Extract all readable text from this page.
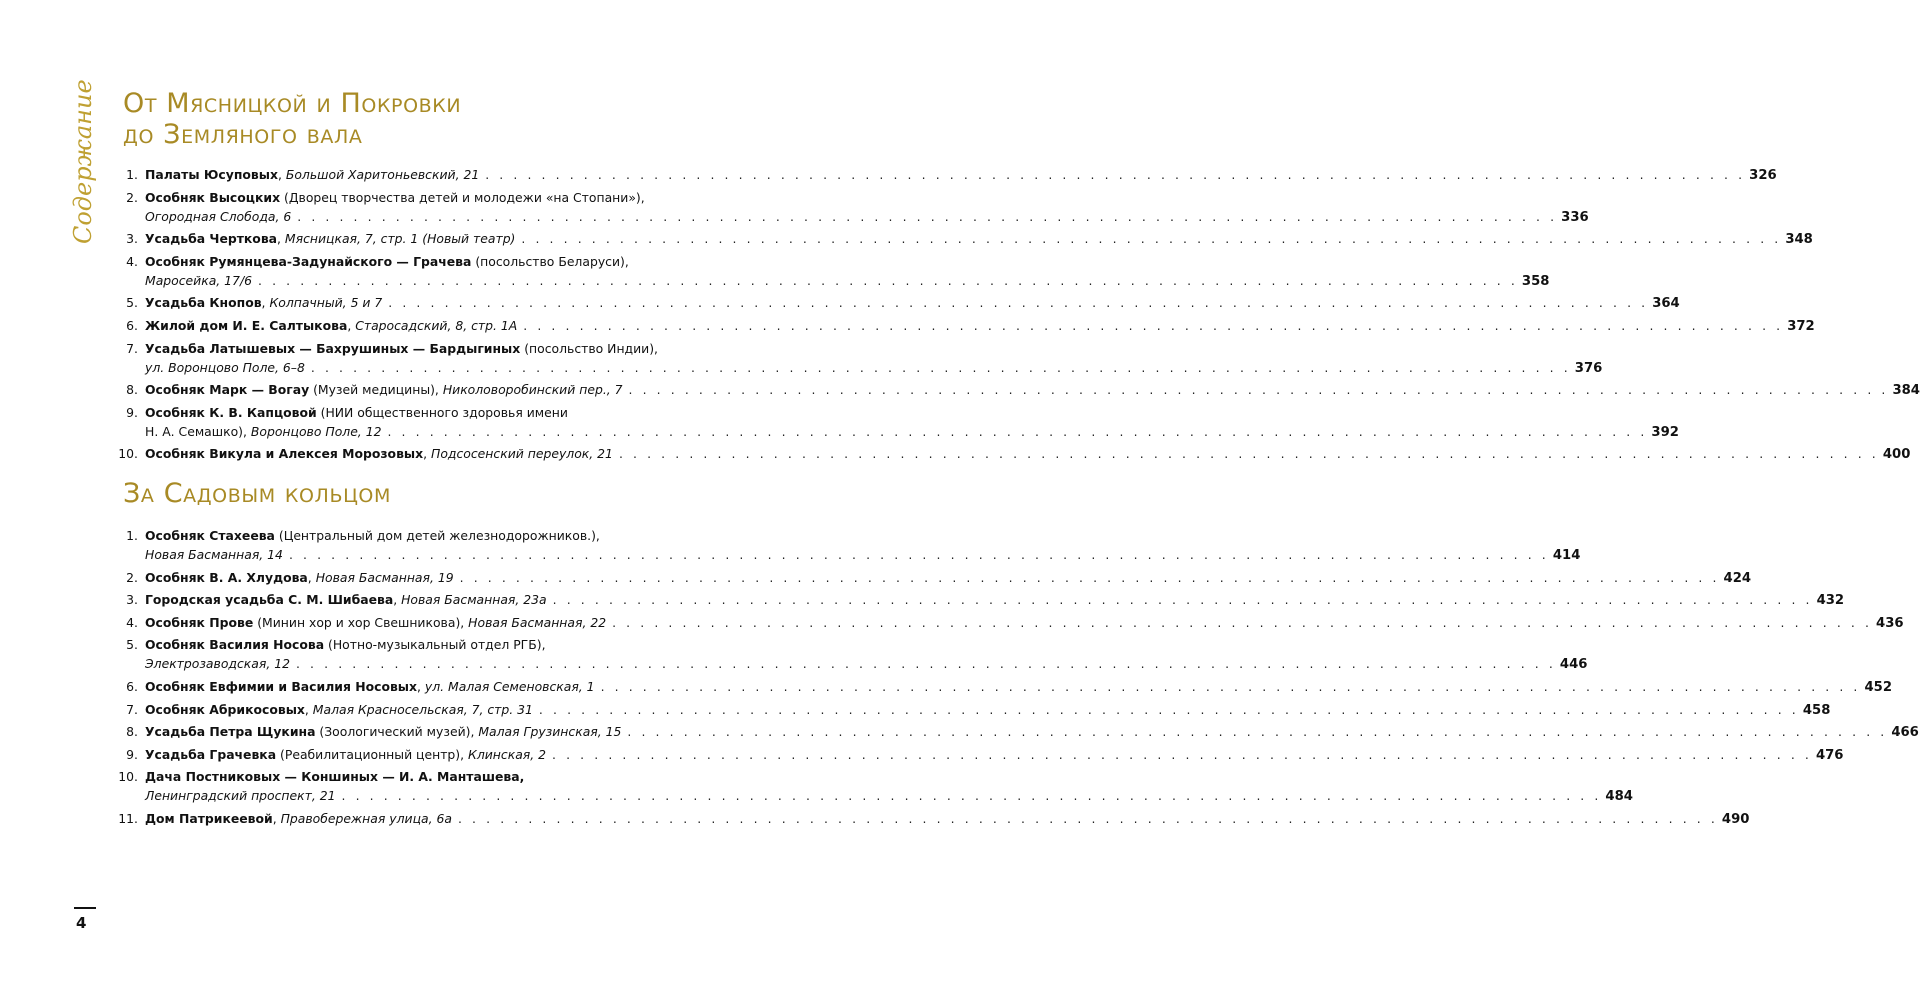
Содержание От Мясницкой и Покровки
до Земляного вала
1. Палаты Юсуповых, Большой Харитоньевский, 21 . . .	326
2. Особняк Высоцких (Дворец творчества детей и молодежи «на Стопани»),
Огородная Слобода, 6 . . .	336
3. Усадьба Черткова, Мясницкая, 7, стр. 1 (Новый театр) . . .	348
4. Особняк Румянцева-Задунайского — Грачева (посольство Беларуси),
Маросейка, 17/6 . . .	358
5. Усадьба Кнопов, Колпачный, 5 и 7 . . .	364
6. Жилой дом И. Е. Салтыкова, Старосадский, 8, стр. 1А . . .	372
7. Усадьба Латышевых — Бахрушиных — Бардыгиных (посольство Индии),
ул. Воронцово Поле, 6–8 . . .	376
8. Особняк Марк — Вогау (Музей медицины), Николоворобинский пер., 7 . . .	384
9. Особняк К. В. Капцовой (НИИ общественного здоровья имени
Н. А. Семашко), Воронцово Поле, 12 . . .	392
10. Особняк Викула и Алексея Морозовых, Подсосенский переулок, 21 . . .	400
За Садовым кольцом
1. Особняк Стахеева (Центральный дом детей железнодорожников.),
Новая Басманная, 14 . . .	414
2. Особняк В. А. Хлудова, Новая Басманная, 19 . . .	424
3. Городская усадьба С. М. Шибаева, Новая Басманная, 23а . . .	432
4. Особняк Прове (Минин хор и хор Свешникова), Новая Басманная, 22 . . .	436
5. Особняк Василия Носова (Нотно-музыкальный отдел РГБ),
Электрозаводская, 12 . . .	446
6. Особняк Евфимии и Василия Носовых, ул. Малая Семеновская, 1 . . .	452
7. Особняк Абрикосовых, Малая Красносельская, 7, стр. 31 . . .	458
8. Усадьба Петра Щукина (Зоологический музей), Малая Грузинская, 15 . . .	466
9. Усадьба Грачевка (Реабилитационный центр), Клинская, 2 . . .	476
10. Дача Постниковых — Коншиных — И. А. Манташева,
Ленинградский проспект, 21 . . .	484
11. Дом Патрикеевой, Правобережная улица, 6а . . .	490
4
